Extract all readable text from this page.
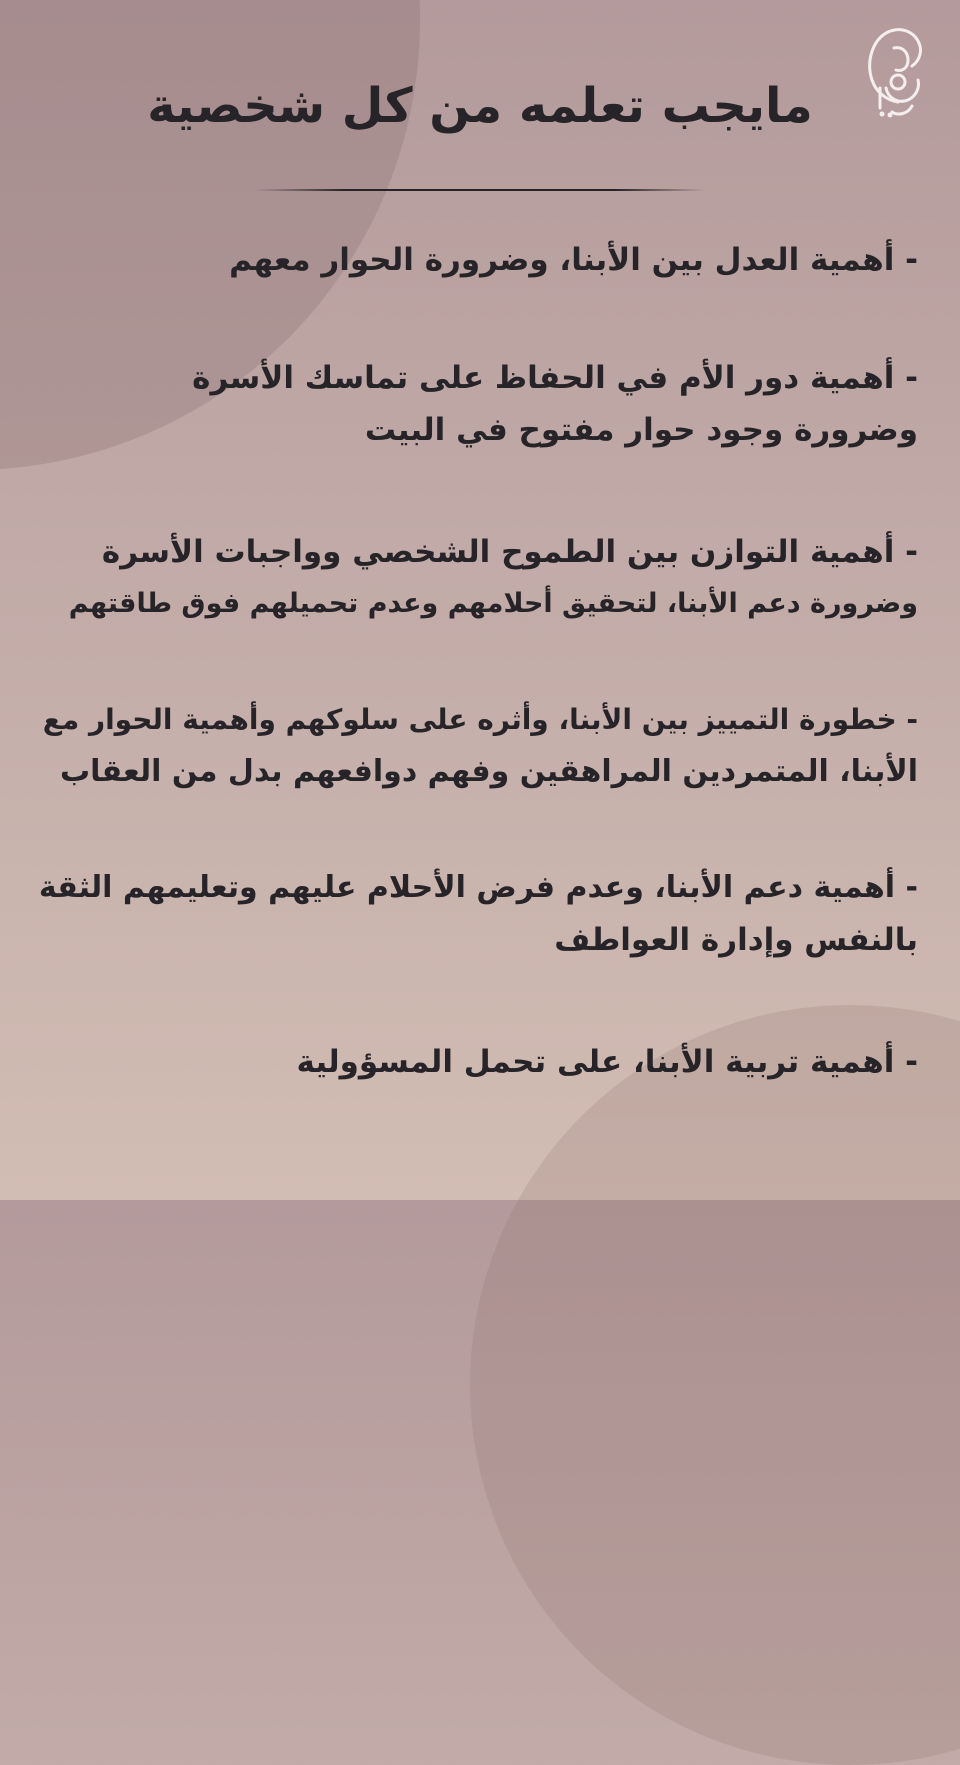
مايجب تعلمه من كل شخصية
- أهمية العدل بين الأبنا، وضرورة الحوار معهم
- أهمية دور الأم في الحفاظ على تماسك الأسرة
وضرورة وجود حوار مفتوح في البيت
- أهمية التوازن بين الطموح الشخصي وواجبات الأسرة
وضرورة دعم الأبنا، لتحقيق أحلامهم وعدم تحميلهم فوق طاقتهم
- خطورة التمييز بين الأبنا، وأثره على سلوكهم وأهمية الحوار مع
الأبنا، المتمردين المراهقين وفهم دوافعهم بدل من العقاب
- أهمية دعم الأبنا، وعدم فرض الأحلام عليهم وتعليمهم الثقة
بالنفس وإدارة العواطف
- أهمية تربية الأبنا، على تحمل المسؤولية
